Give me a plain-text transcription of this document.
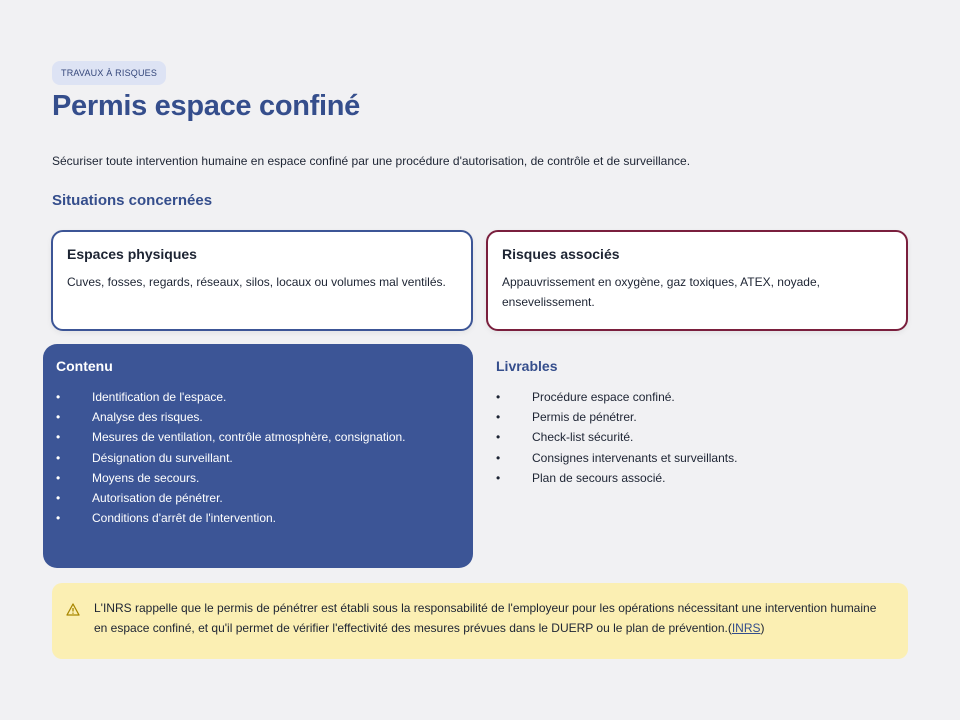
TRAVAUX À RISQUES
Permis espace confiné

Sécuriser toute intervention humaine en espace confiné par une procédure d'autorisation, de contrôle et de surveillance.

Situations concernées
Espaces physiques
Cuves, fosses, regards, réseaux, silos, locaux ou volumes mal ventilés.
Risques associés
Appauvrissement en oxygène, gaz toxiques, ATEX, noyade, ensevelissement.
Contenu
• Identification de l'espace.
• Analyse des risques.
• Mesures de ventilation, contrôle atmosphère, consignation.
• Désignation du surveillant.
• Moyens de secours.
• Autorisation de pénétrer.
• Conditions d'arrêt de l'intervention.
Livrables
• Procédure espace confiné.
• Permis de pénétrer.
• Check-list sécurité.
• Consignes intervenants et surveillants.
• Plan de secours associé.

L'INRS rappelle que le permis de pénétrer est établi sous la responsabilité de l'employeur pour les opérations nécessitant une intervention humaine en espace confiné, et qu'il permet de vérifier l'effectivité des mesures prévues dans le DUERP ou le plan de prévention.(INRS)
